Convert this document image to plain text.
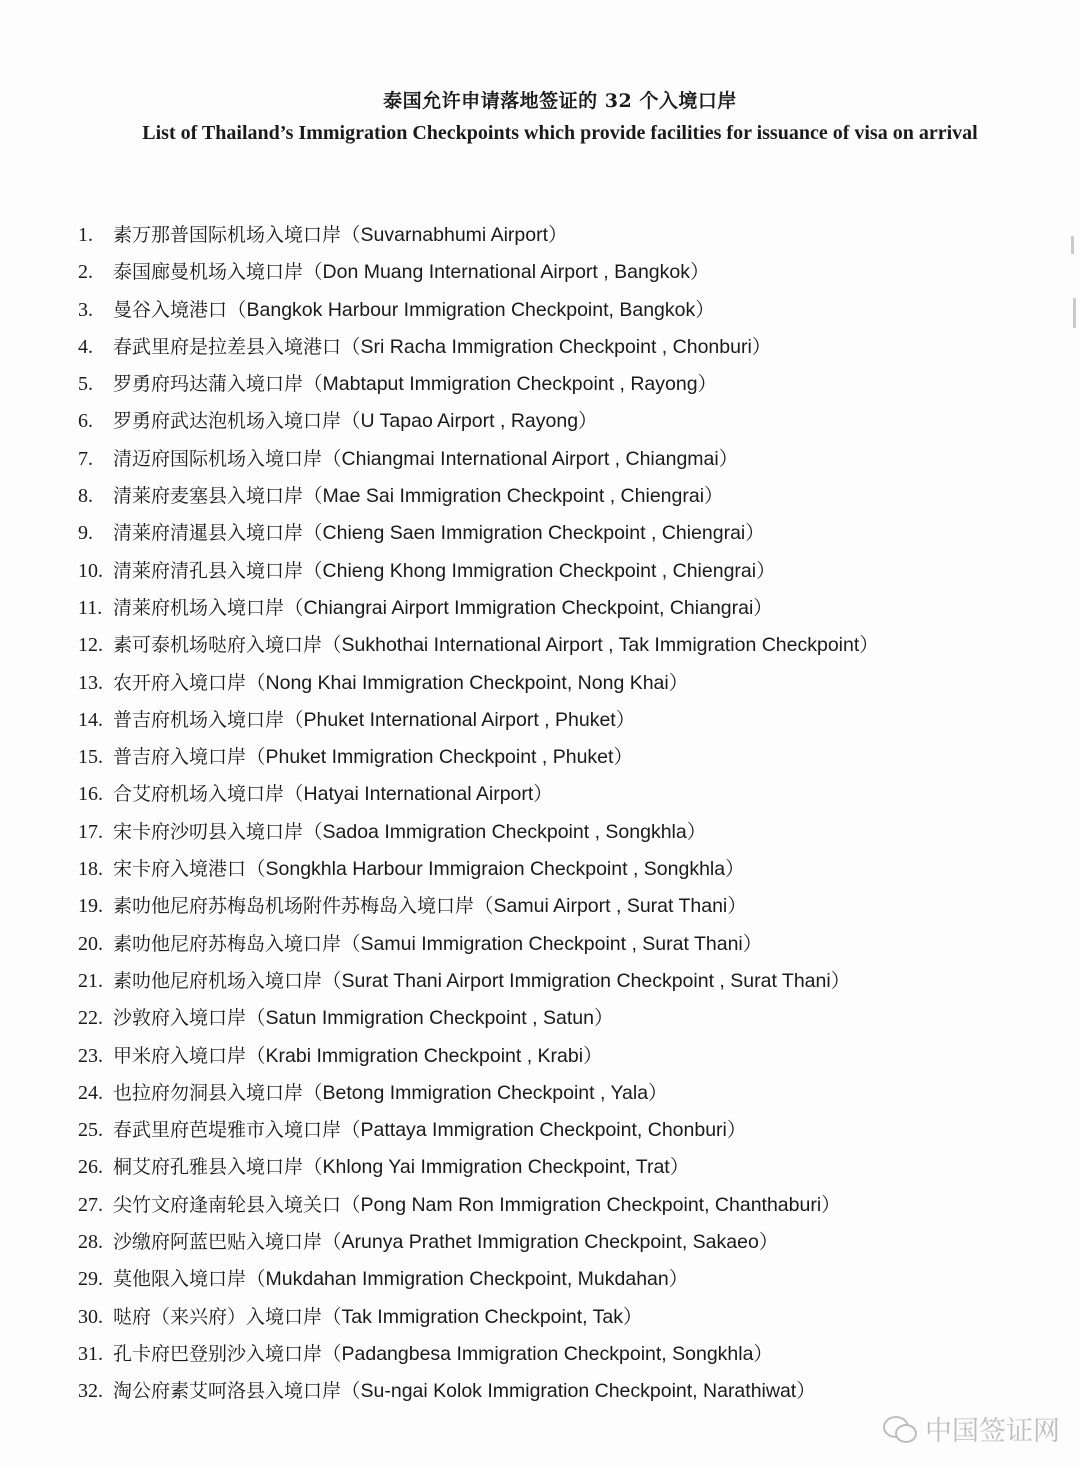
泰国允许申请落地签证的 32 个入境口岸
List of Thailand’s Immigration Checkpoints which provide facilities for issuance of visa on arrival
1. 素万那普国际机场入境口岸（Suvarnabhumi Airport）
2. 泰国廊曼机场入境口岸（Don Muang International Airport , Bangkok）
3. 曼谷入境港口（Bangkok Harbour Immigration Checkpoint, Bangkok）
4. 春武里府是拉差县入境港口（Sri Racha Immigration Checkpoint , Chonburi）
5. 罗勇府玛达蒲入境口岸（Mabtaput Immigration Checkpoint , Rayong）
6. 罗勇府武达泡机场入境口岸（U Tapao Airport , Rayong）
7. 清迈府国际机场入境口岸（Chiangmai International Airport , Chiangmai）
8. 清莱府麦塞县入境口岸（Mae Sai Immigration Checkpoint , Chiengrai）
9. 清莱府清暹县入境口岸（Chieng Saen Immigration Checkpoint , Chiengrai）
10. 清莱府清孔县入境口岸（Chieng Khong Immigration Checkpoint , Chiengrai）
11. 清莱府机场入境口岸（Chiangrai Airport Immigration Checkpoint, Chiangrai）
12. 素可泰机场哒府入境口岸（Sukhothai International Airport , Tak Immigration Checkpoint）
13. 农开府入境口岸（Nong Khai Immigration Checkpoint, Nong Khai）
14. 普吉府机场入境口岸（Phuket International Airport , Phuket）
15. 普吉府入境口岸（Phuket Immigration Checkpoint , Phuket）
16. 合艾府机场入境口岸（Hatyai International Airport）
17. 宋卡府沙叨县入境口岸（Sadoa Immigration Checkpoint , Songkhla）
18. 宋卡府入境港口（Songkhla Harbour Immigraion Checkpoint , Songkhla）
19. 素叻他尼府苏梅岛机场附件苏梅岛入境口岸（Samui Airport , Surat Thani）
20. 素叻他尼府苏梅岛入境口岸（Samui Immigration Checkpoint , Surat Thani）
21. 素叻他尼府机场入境口岸（Surat Thani Airport Immigration Checkpoint , Surat Thani）
22. 沙敦府入境口岸（Satun Immigration Checkpoint , Satun）
23. 甲米府入境口岸（Krabi Immigration Checkpoint , Krabi）
24. 也拉府勿洞县入境口岸（Betong Immigration Checkpoint , Yala）
25. 春武里府芭堤雅市入境口岸（Pattaya Immigration Checkpoint, Chonburi）
26. 桐艾府孔雅县入境口岸（Khlong Yai Immigration Checkpoint, Trat）
27. 尖竹文府逢南轮县入境关口（Pong Nam Ron Immigration Checkpoint, Chanthaburi）
28. 沙缴府阿蓝巴贴入境口岸（Arunya Prathet Immigration Checkpoint, Sakaeo）
29. 莫他限入境口岸（Mukdahan Immigration Checkpoint, Mukdahan）
30. 哒府（来兴府）入境口岸（Tak Immigration Checkpoint, Tak）
31. 孔卡府巴登别沙入境口岸（Padangbesa Immigration Checkpoint, Songkhla）
32. 淘公府素艾呵洛县入境口岸（Su-ngai Kolok Immigration Checkpoint, Narathiwat）
中国签证网
